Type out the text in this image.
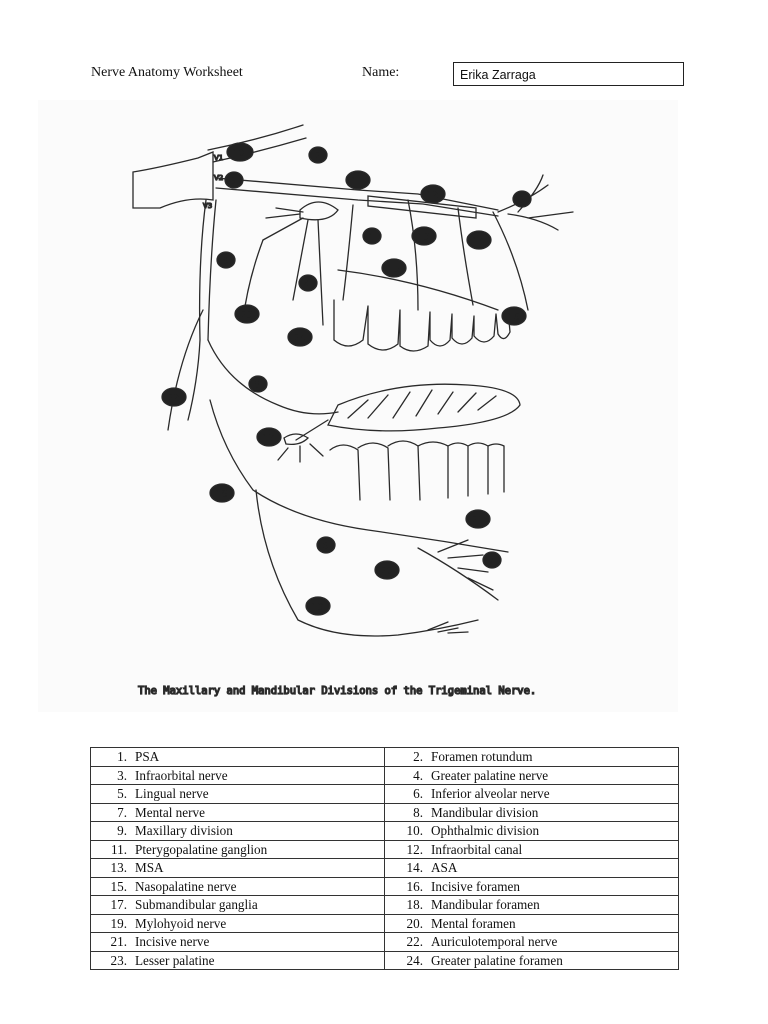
Nerve Anatomy Worksheet	Name:	Erika Zarraga
10	2
9	11
12
1	13	14
3
8
15
4
23
24
16
22
5
17
18
21
6
20
7
19
V1
V2
V3
The Maxillary and Mandibular Divisions of the Trigeminal Nerve.
1. PSA	2. Foramen rotundum
3. Infraorbital nerve	4. Greater palatine nerve
5. Lingual nerve	6. Inferior alveolar nerve
7. Mental nerve	8. Mandibular division
9. Maxillary division	10. Ophthalmic division
11. Pterygopalatine ganglion	12. Infraorbital canal
13. MSA	14. ASA
15. Nasopalatine nerve	16. Incisive foramen
17. Submandibular ganglia	18. Mandibular foramen
19. Mylohyoid nerve	20. Mental foramen
21. Incisive nerve	22. Auriculotemporal nerve
23. Lesser palatine	24. Greater palatine foramen
